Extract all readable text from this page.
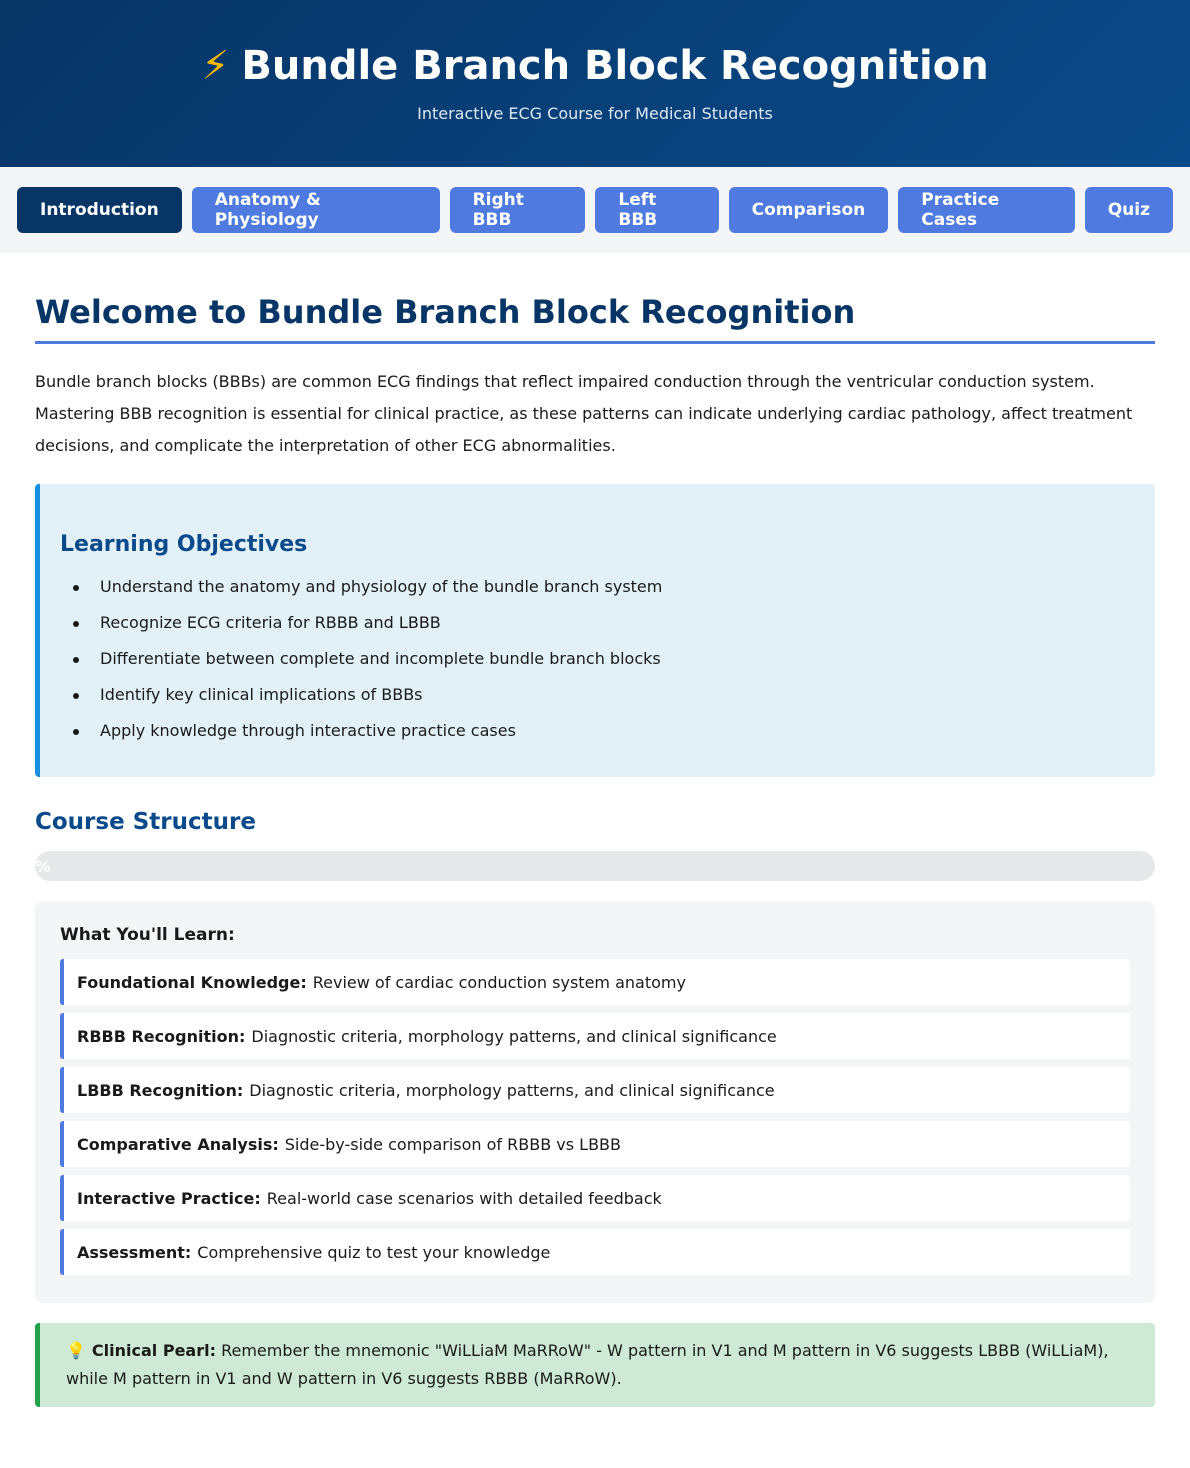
⚡ Bundle Branch Block Recognition
Interactive ECG Course for Medical Students
Introduction	Anatomy & Physiology
Right BBB
Left BBB	Comparison	Practice Cases	Quiz
Welcome to Bundle Branch Block Recognition

Bundle branch blocks (BBBs) are common ECG findings that reflect impaired conduction through the ventricular conduction system. Mastering BBB recognition is essential for clinical practice, as these patterns can indicate underlying cardiac pathology, affect treatment decisions, and complicate the interpretation of other ECG abnormalities.

Learning Objectives
Understand the anatomy and physiology of the bundle branch system
Recognize ECG criteria for RBBB and LBBB
Differentiate between complete and incomplete bundle branch blocks
Identify key clinical implications of BBBs
Apply knowledge through interactive practice cases
Course Structure
%
What You'll Learn:
Foundational Knowledge: Review of cardiac conduction system anatomy
RBBB Recognition: Diagnostic criteria, morphology patterns, and clinical significance
LBBB Recognition: Diagnostic criteria, morphology patterns, and clinical significance
Comparative Analysis: Side-by-side comparison of RBBB vs LBBB
Interactive Practice: Real-world case scenarios with detailed feedback
Assessment: Comprehensive quiz to test your knowledge
💡 Clinical Pearl: Remember the mnemonic "WiLLiaM MaRRoW" - W pattern in V1 and M pattern in V6 suggests LBBB (WiLLiaM), while M pattern in V1 and W pattern in V6 suggests RBBB (MaRRoW).
